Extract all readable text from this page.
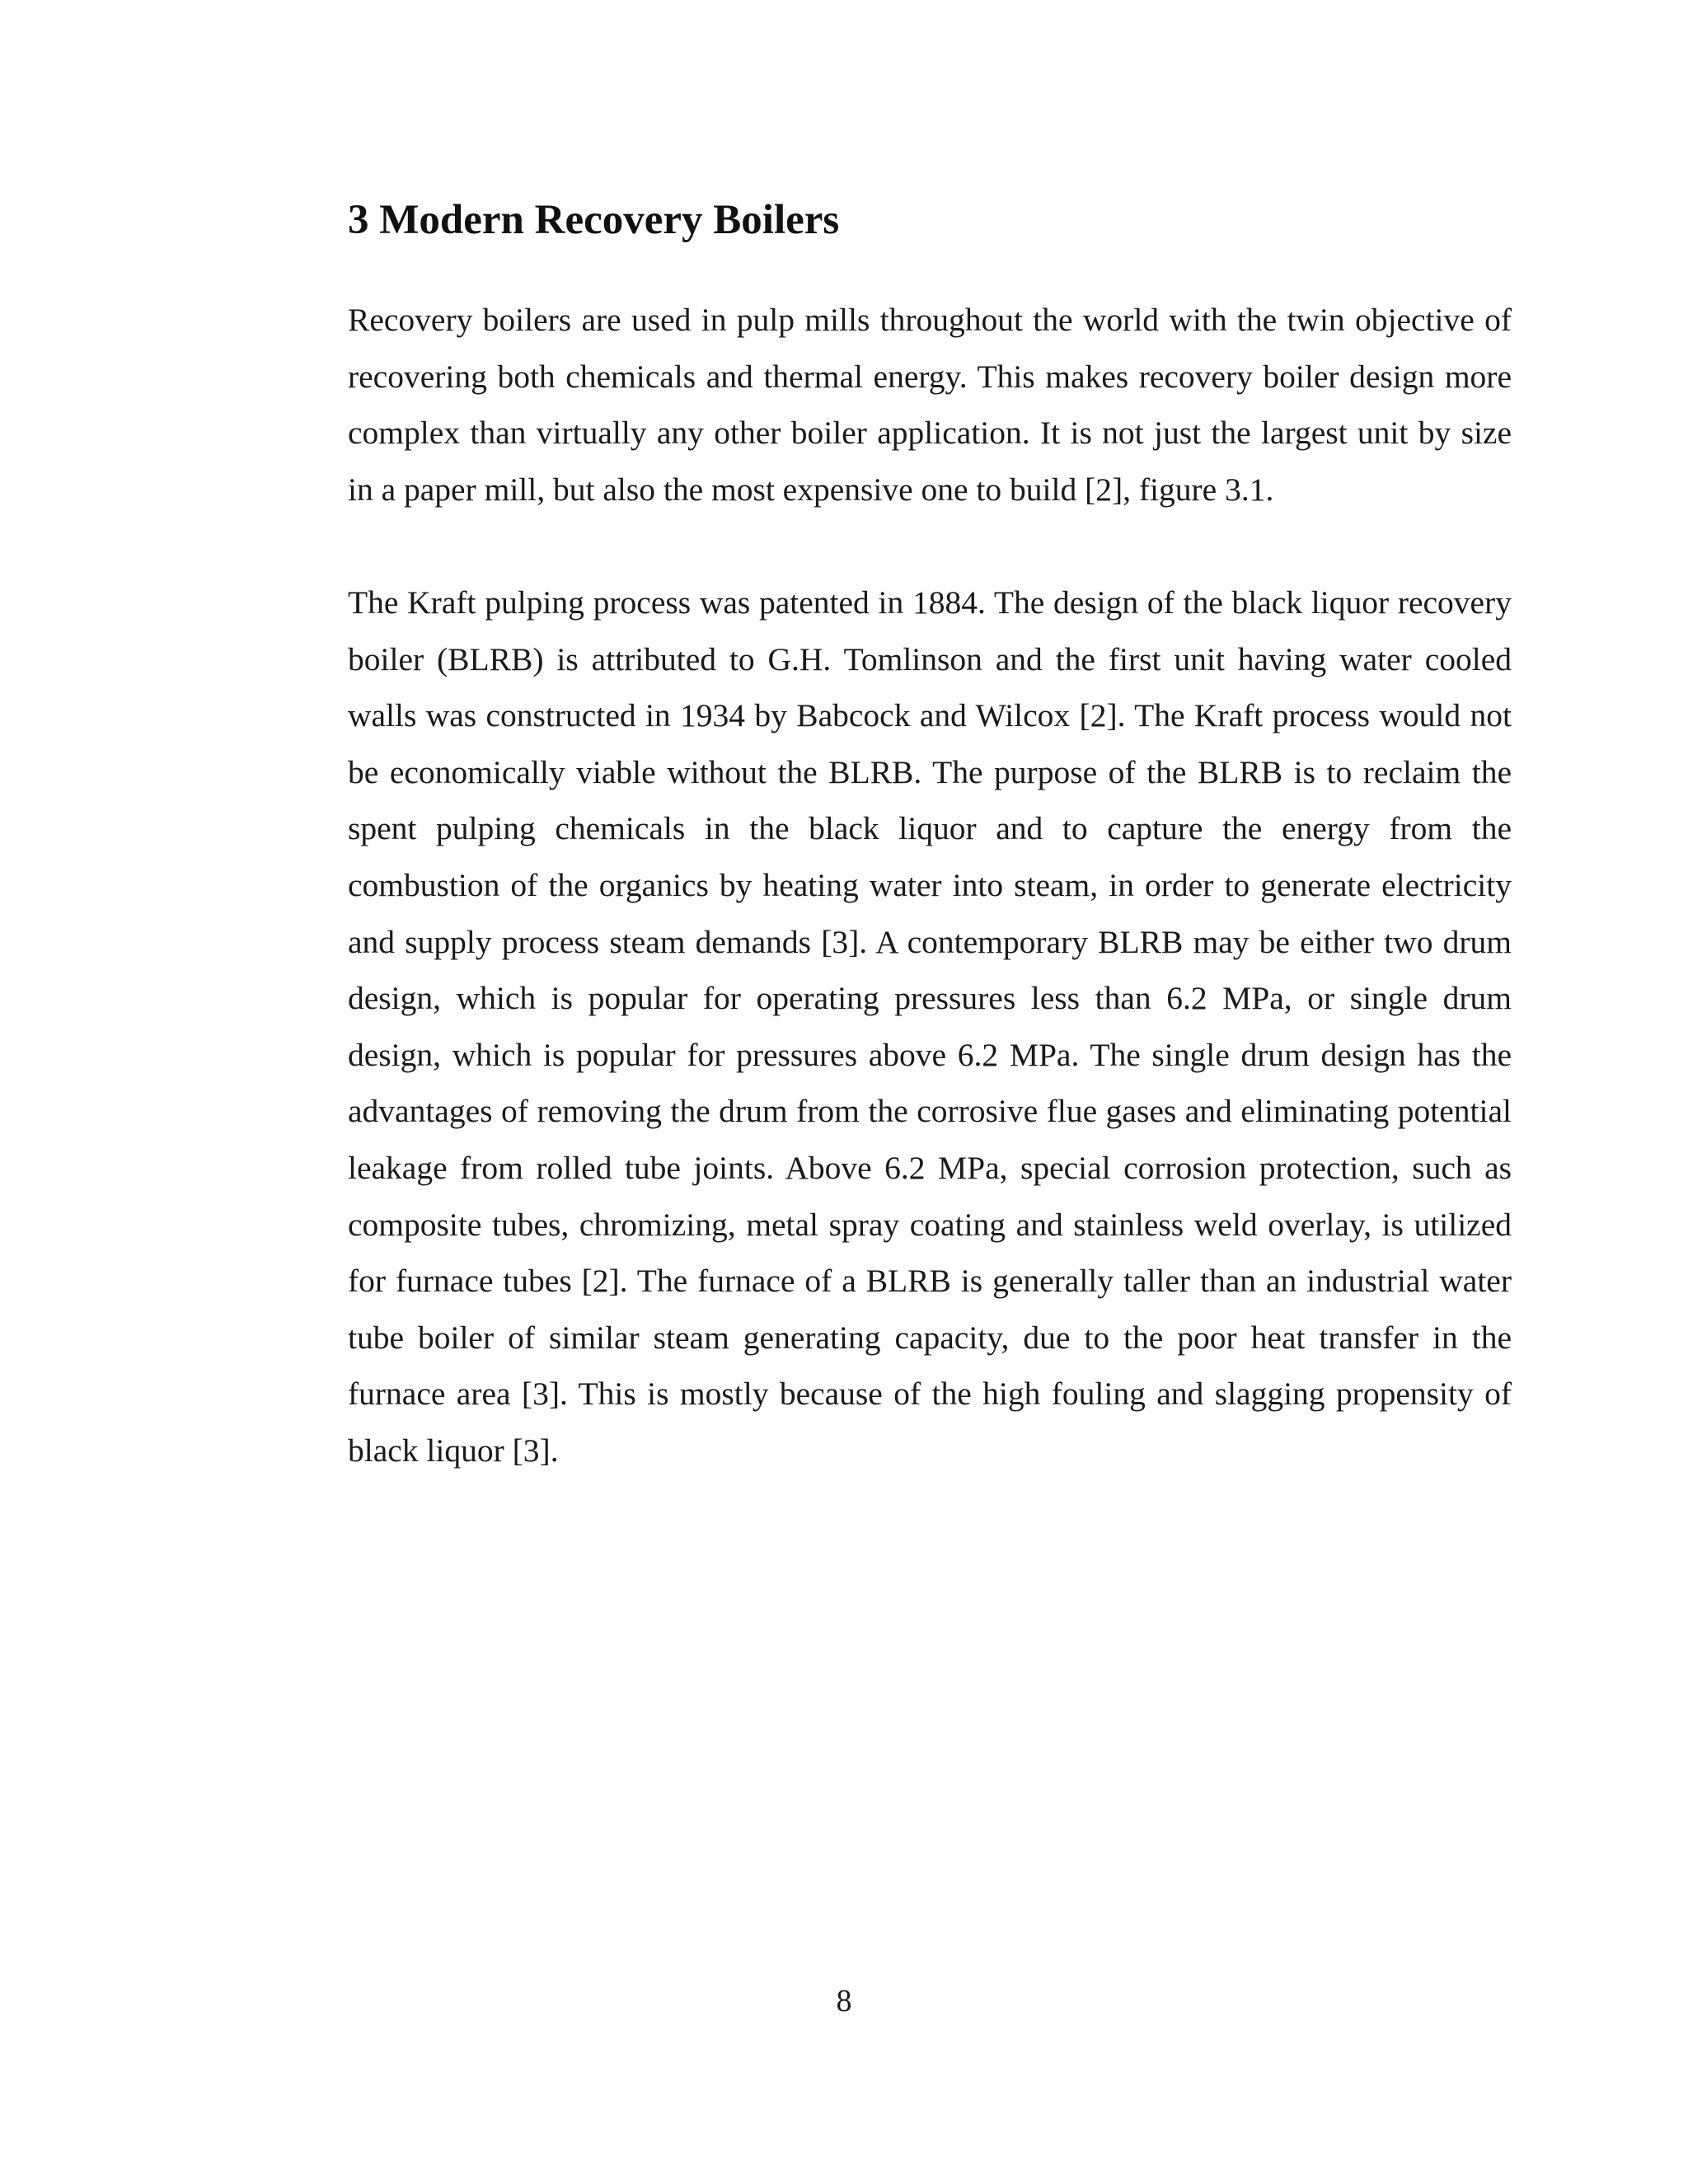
3 Modern Recovery Boilers

Recovery boilers are used in pulp mills throughout the world with the twin objective of recovering both chemicals and thermal energy. This makes recovery boiler design more complex than virtually any other boiler application. It is not just the largest unit by size in a paper mill, but also the most expensive one to build [2], figure 3.1.

The Kraft pulping process was patented in 1884. The design of the black liquor recovery boiler (BLRB) is attributed to G.H. Tomlinson and the first unit having water cooled walls was constructed in 1934 by Babcock and Wilcox [2]. The Kraft process would not be economically viable without the BLRB. The purpose of the BLRB is to reclaim the spent pulping chemicals in the black liquor and to capture the energy from the combustion of the organics by heating water into steam, in order to generate electricity and supply process steam demands [3]. A contemporary BLRB may be either two drum design, which is popular for operating pressures less than 6.2 MPa, or single drum design, which is popular for pressures above 6.2 MPa. The single drum design has the advantages of removing the drum from the corrosive flue gases and eliminating potential leakage from rolled tube joints. Above 6.2 MPa, special corrosion protection, such as composite tubes, chromizing, metal spray coating and stainless weld overlay, is utilized for furnace tubes [2]. The furnace of a BLRB is generally taller than an industrial water tube boiler of similar steam generating capacity, due to the poor heat transfer in the furnace area [3]. This is mostly because of the high fouling and slagging propensity of black liquor [3].

8
